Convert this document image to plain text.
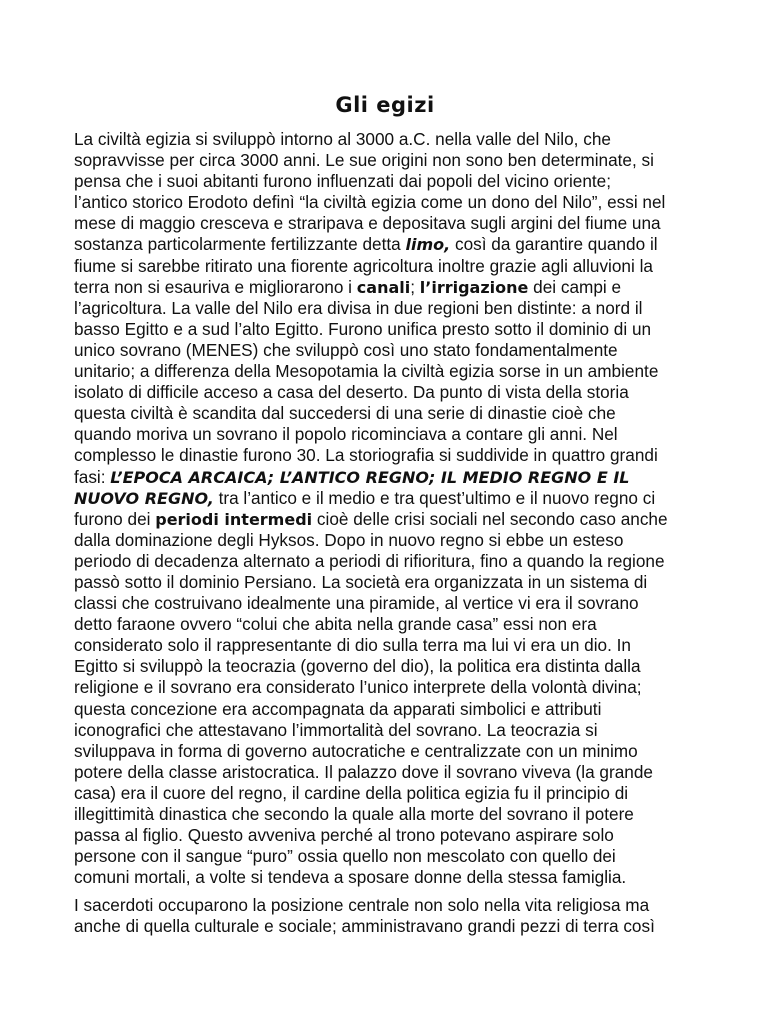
Gli egizi
La civiltà egizia si sviluppò intorno al 3000 a.C. nella valle del Nilo, che
sopravvisse per circa 3000 anni. Le sue origini non sono ben determinate, si
pensa che i suoi abitanti furono influenzati dai popoli del vicino oriente;
l’antico storico Erodoto definì “la civiltà egizia come un dono del Nilo”, essi nel
mese di maggio cresceva e straripava e depositava sugli argini del fiume una
sostanza particolarmente fertilizzante detta limo, così da garantire quando il
fiume si sarebbe ritirato una fiorente agricoltura inoltre grazie agli alluvioni la
terra non si esauriva e migliorarono i canali; l’irrigazione dei campi e
l’agricoltura. La valle del Nilo era divisa in due regioni ben distinte: a nord il
basso Egitto e a sud l’alto Egitto. Furono unifica presto sotto il dominio di un
unico sovrano (MENES) che sviluppò così uno stato fondamentalmente
unitario; a differenza della Mesopotamia la civiltà egizia sorse in un ambiente
isolato di difficile acceso a casa del deserto. Da punto di vista della storia
questa civiltà è scandita dal succedersi di una serie di dinastie cioè che
quando moriva un sovrano il popolo ricominciava a contare gli anni. Nel
complesso le dinastie furono 30. La storiografia si suddivide in quattro grandi
fasi: L’EPOCA ARCAICA; L’ANTICO REGNO; IL MEDIO REGNO E IL
NUOVO REGNO, tra l’antico e il medio e tra quest’ultimo e il nuovo regno ci
furono dei periodi intermedi cioè delle crisi sociali nel secondo caso anche
dalla dominazione degli Hyksos. Dopo in nuovo regno si ebbe un esteso
periodo di decadenza alternato a periodi di rifioritura, fino a quando la regione
passò sotto il dominio Persiano. La società era organizzata in un sistema di
classi che costruivano idealmente una piramide, al vertice vi era il sovrano
detto faraone ovvero “colui che abita nella grande casa” essi non era
considerato solo il rappresentante di dio sulla terra ma lui vi era un dio. In
Egitto si sviluppò la teocrazia (governo del dio), la politica era distinta dalla
religione e il sovrano era considerato l’unico interprete della volontà divina;
questa concezione era accompagnata da apparati simbolici e attributi
iconografici che attestavano l’immortalità del sovrano. La teocrazia si
sviluppava in forma di governo autocratiche e centralizzate con un minimo
potere della classe aristocratica. Il palazzo dove il sovrano viveva (la grande
casa) era il cuore del regno, il cardine della politica egizia fu il principio di
illegittimità dinastica che secondo la quale alla morte del sovrano il potere
passa al figlio. Questo avveniva perché al trono potevano aspirare solo
persone con il sangue “puro” ossia quello non mescolato con quello dei
comuni mortali, a volte si tendeva a sposare donne della stessa famiglia.
I sacerdoti occuparono la posizione centrale non solo nella vita religiosa ma
anche di quella culturale e sociale; amministravano grandi pezzi di terra così
